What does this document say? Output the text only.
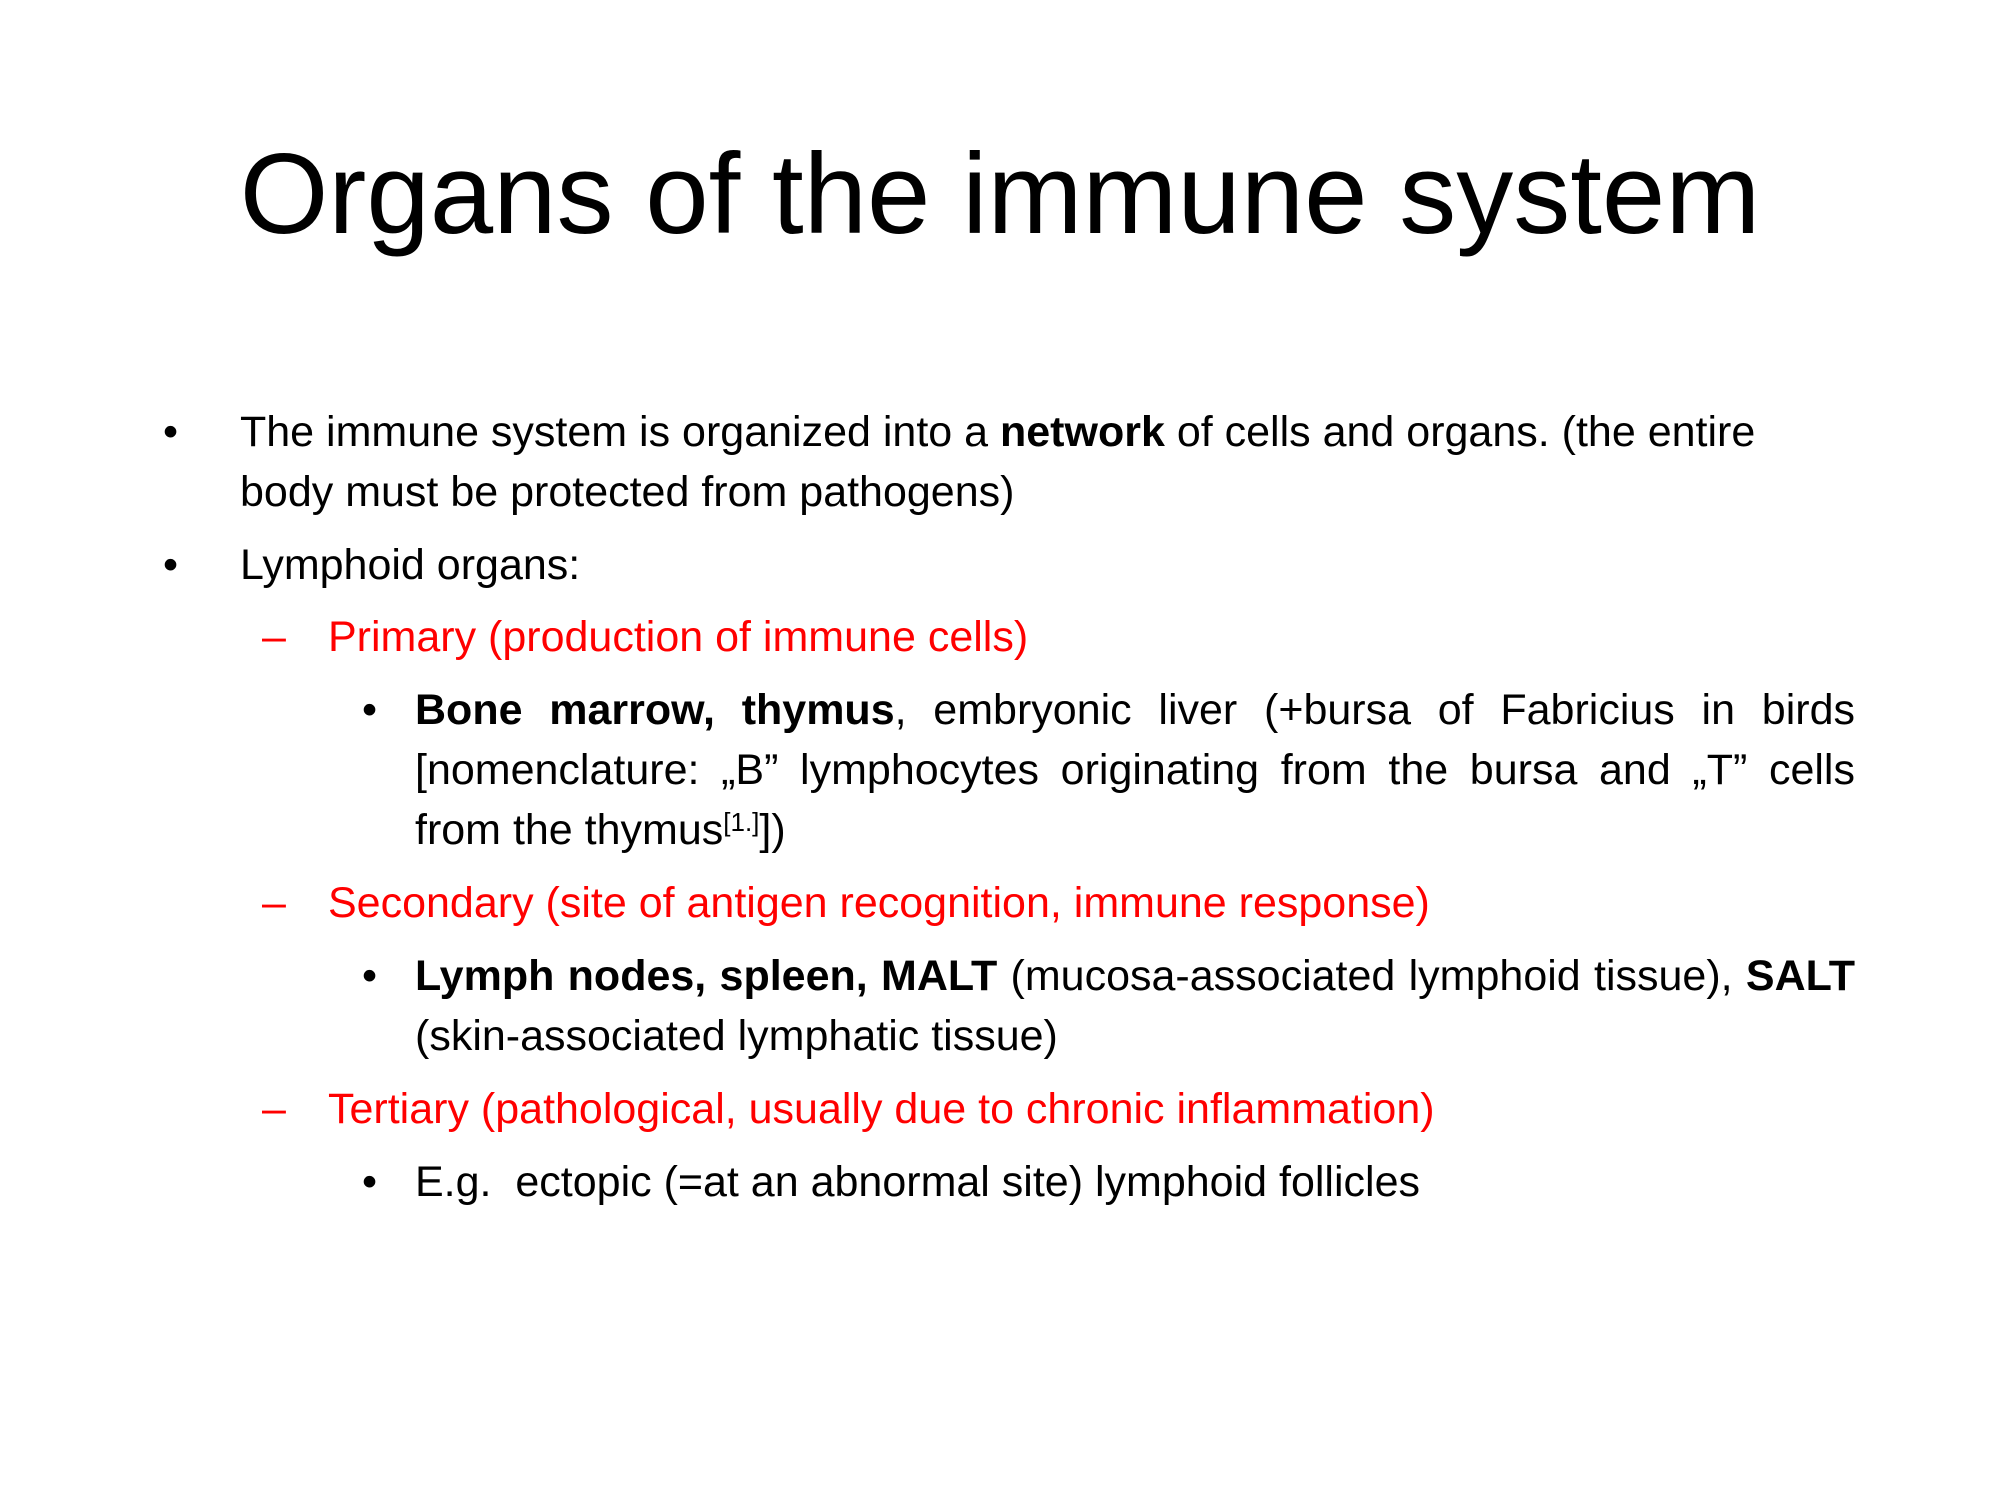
Organs of the immune system
• The immune system is organized into a network of cells and organs. (the entire body must be protected from pathogens)
• Lymphoid organs:
– Primary (production of immune cells)
• Bone marrow, thymus, embryonic liver (+bursa of Fabricius in birds [nomenclature: „B” lymphocytes originating from the bursa and „T” cells from the thymus[1.]])
– Secondary (site of antigen recognition, immune response)
• Lymph nodes, spleen, MALT (mucosa-associated lymphoid tissue), SALT (skin-associated lymphatic tissue)
– Tertiary (pathological, usually due to chronic inflammation)
• E.g.  ectopic (=at an abnormal site) lymphoid follicles
